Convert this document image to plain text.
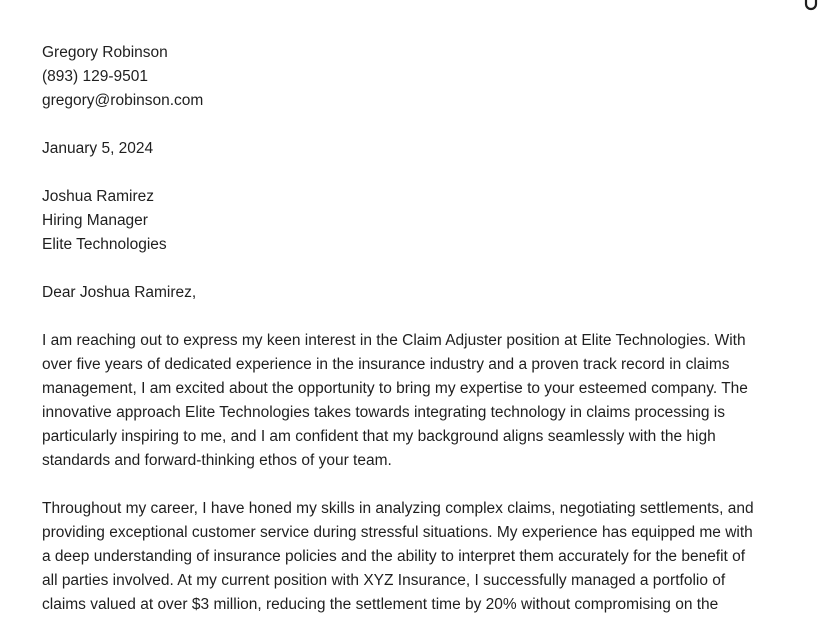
Gregory Robinson
(893) 129-9501
gregory@robinson.com
January 5, 2024
Joshua Ramirez
Hiring Manager
Elite Technologies
Dear Joshua Ramirez,
I am reaching out to express my keen interest in the Claim Adjuster position at Elite Technologies. With
over five years of dedicated experience in the insurance industry and a proven track record in claims
management, I am excited about the opportunity to bring my expertise to your esteemed company. The
innovative approach Elite Technologies takes towards integrating technology in claims processing is
particularly inspiring to me, and I am confident that my background aligns seamlessly with the high
standards and forward-thinking ethos of your team.
Throughout my career, I have honed my skills in analyzing complex claims, negotiating settlements, and
providing exceptional customer service during stressful situations. My experience has equipped me with
a deep understanding of insurance policies and the ability to interpret them accurately for the benefit of
all parties involved. At my current position with XYZ Insurance, I successfully managed a portfolio of
claims valued at over $3 million, reducing the settlement time by 20% without compromising on the
